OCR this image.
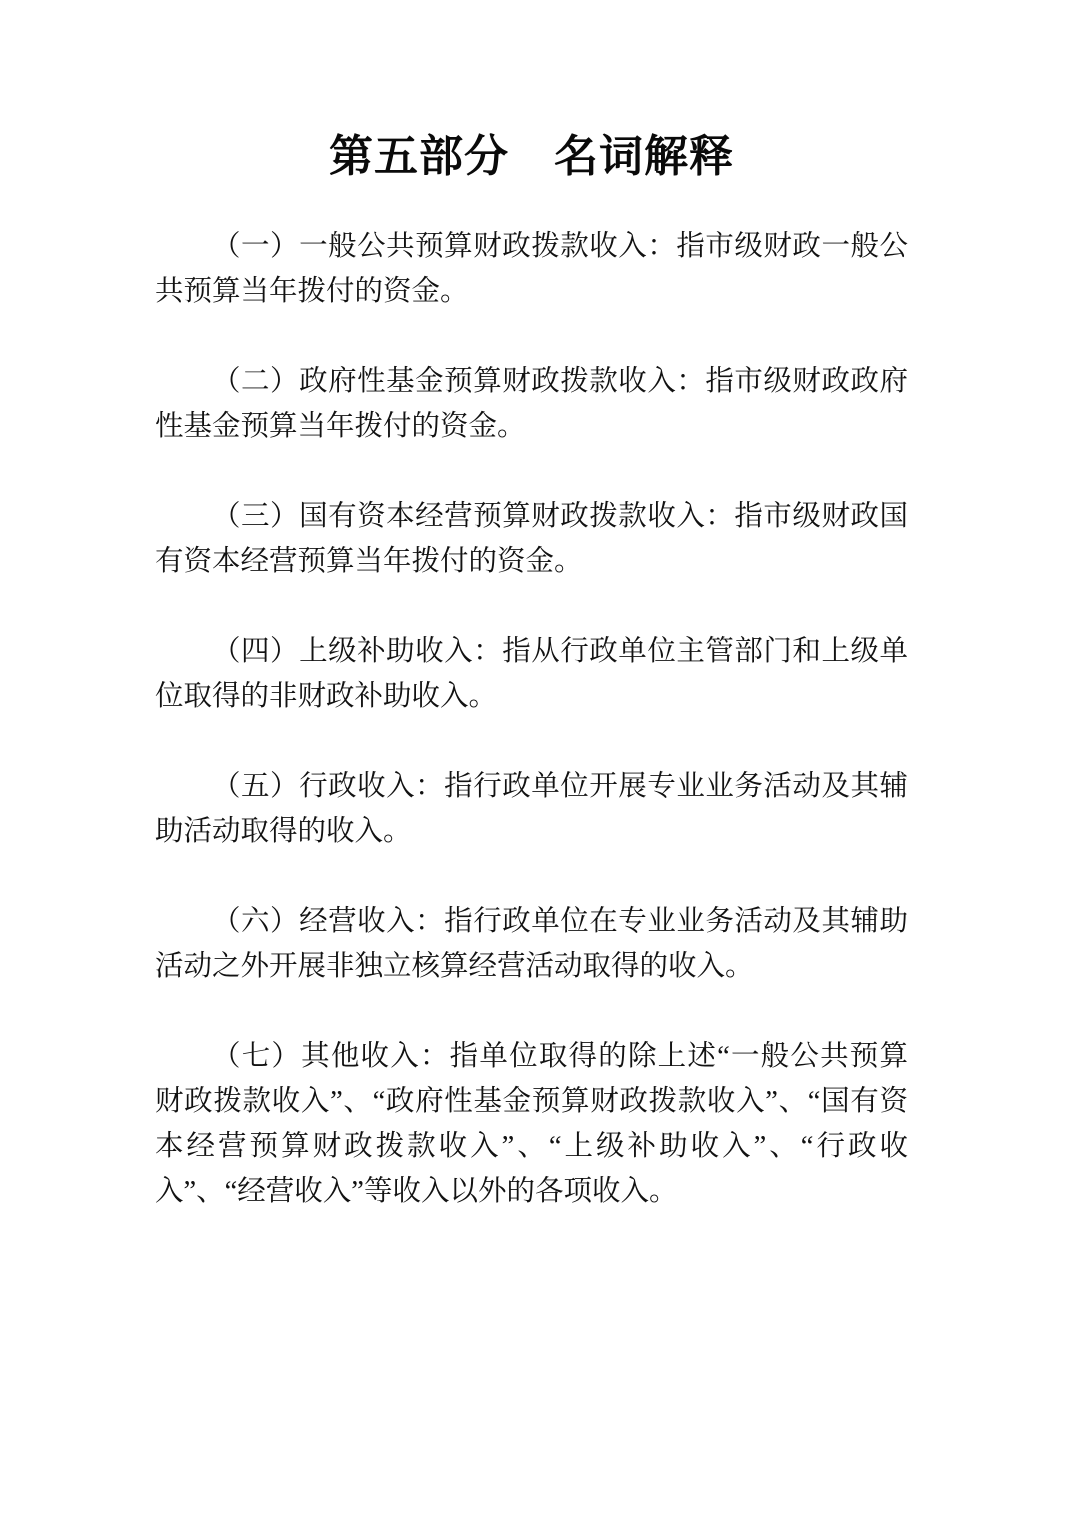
第五部分　名词解释

（一）一般公共预算财政拨款收入：指市级财政一般公共预算当年拨付的资金。

（二）政府性基金预算财政拨款收入：指市级财政政府性基金预算当年拨付的资金。

（三）国有资本经营预算财政拨款收入：指市级财政国有资本经营预算当年拨付的资金。

（四）上级补助收入：指从行政单位主管部门和上级单位取得的非财政补助收入。

（五）行政收入：指行政单位开展专业业务活动及其辅助活动取得的收入。

（六）经营收入：指行政单位在专业业务活动及其辅助活动之外开展非独立核算经营活动取得的收入。

（七）其他收入：指单位取得的除上述“一般公共预算财政拨款收入”、“政府性基金预算财政拨款收入”、“国有资本经营预算财政拨款收入”、“上级补助收入”、“行政收入”、“经营收入”等收入以外的各项收入。
